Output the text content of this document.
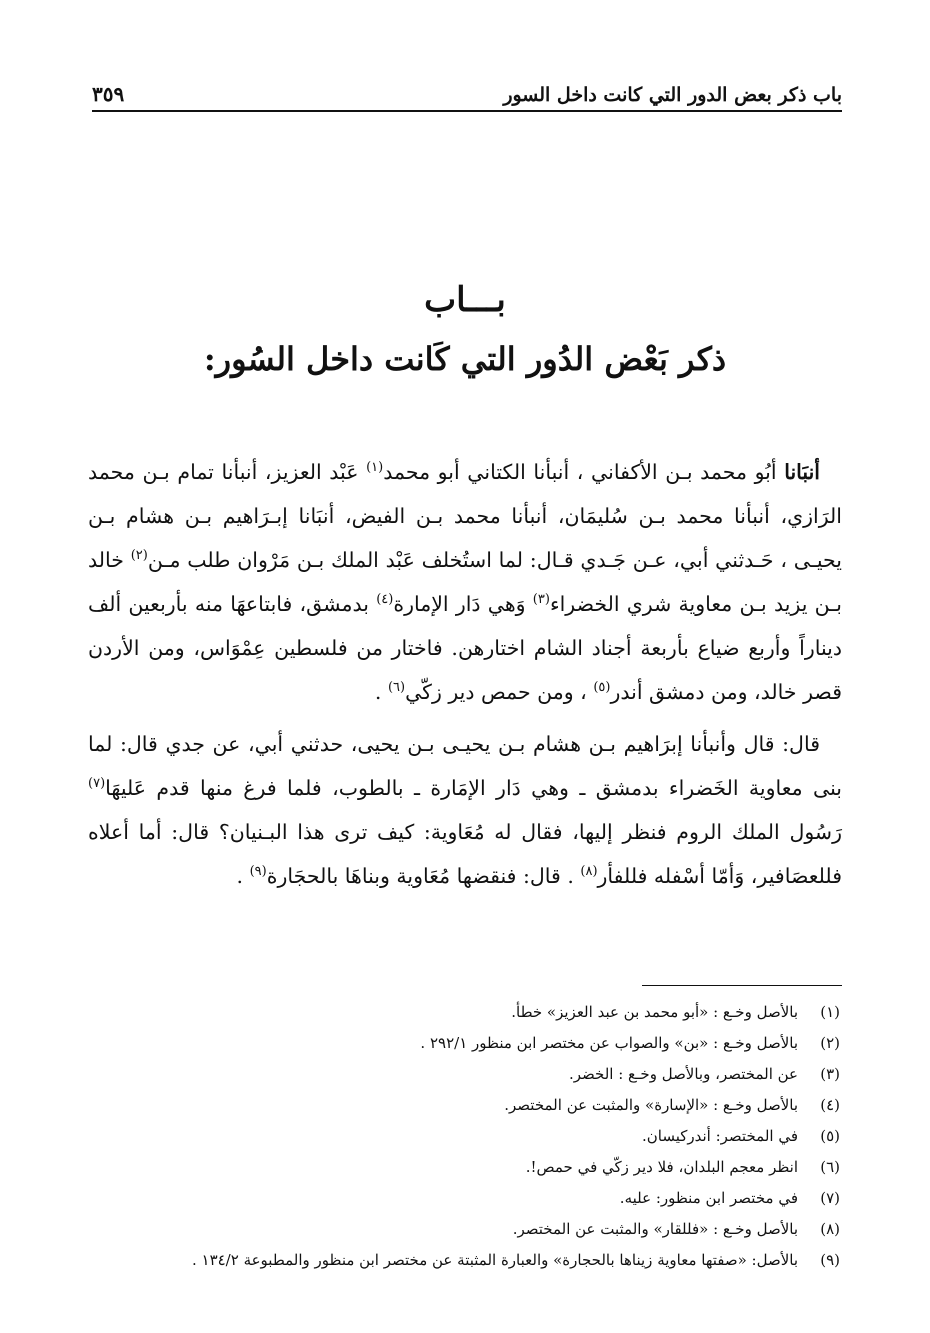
باب ذكر بعض الدور التي كانت داخل السور
٣٥٩
بـــاب
ذكر بَعْض الدُور التي كَانت داخل السُور:

أنبَانا أبُو محمد بـن الأكفاني ، أنبأنا الكتاني أبو محمد$^{(١)}$ عَبْد العزيز، أنبأنا تمام بـن محمد الرَازي، أنبأنا محمد بـن سُليمَان، أنبأنا محمد بـن الفيض، أنبَانا إبـرَاهيم بـن هشام بـن يحيـى ، حَـدثني أبي، عـن جَـدي قـال: لما استُخلف عَبْد الملك بـن مَرْوان طلب مـن$^{(٢)}$ خالد بـن يزيد بـن معاوية شري الخضراء$^{(٣)}$ وَهي دَار الإمارة$^{(٤)}$ بدمشق، فابتاعهَا منه بأربعين ألف ديناراً وأربع ضياع بأربعة أجناد الشام اختارهن. فاختار من فلسطين عِمْوَاس، ومن الأردن قصر خالد، ومن دمشق أندر$^{(٥)}$ ، ومن حمص دير زكّي$^{(٦)}$ .

قال: قال وأنبأنا إبرَاهيم بـن هشام بـن يحيـى بـن يحيى، حدثني أبي، عن جدي قال: لما بنى معاوية الخَضراء بدمشق ـ وهي دَار الإمَارة ـ بالطوب، فلما فرغ منها قدم عَليهَا$^{(٧)}$ رَسُول الملك الروم فنظر إليها، فقال له مُعَاوية: كيف ترى هذا البـنيان؟ قال: أما أعلاه فللعصَافير، وَأمّا أسْفله فللفأر$^{(٨)}$ . قال: فنقضها مُعَاوية وبناهَا بالحجَارة$^{(٩)}$ .

(١)
بالأصل وخـع : «أبو محمد بن عبد العزيز» خطأ.
(٢)
بالأصل وخـع : «بن» والصواب عن مختصر ابن منظور ٢٩٢/١ .
(٣)
عن المختصر، وبالأصل وخـع : الخضر.
(٤)
بالأصل وخـع : «الإسارة» والمثبت عن المختصر.
(٥)
في المختصر: أندركيسان.
(٦)
انظر معجم البلدان، فلا دير زكّي في حمص!.
(٧)
في مختصر ابن منظور: عليه.
(٨)
بالأصل وخـع : «فللقار» والمثبت عن المختصر.
(٩)
بالأصل: «صفتها معاوية زيناها بالحجارة» والعبارة المثبتة عن مختصر ابن منظور والمطبوعة ١٣٤/٢ .
